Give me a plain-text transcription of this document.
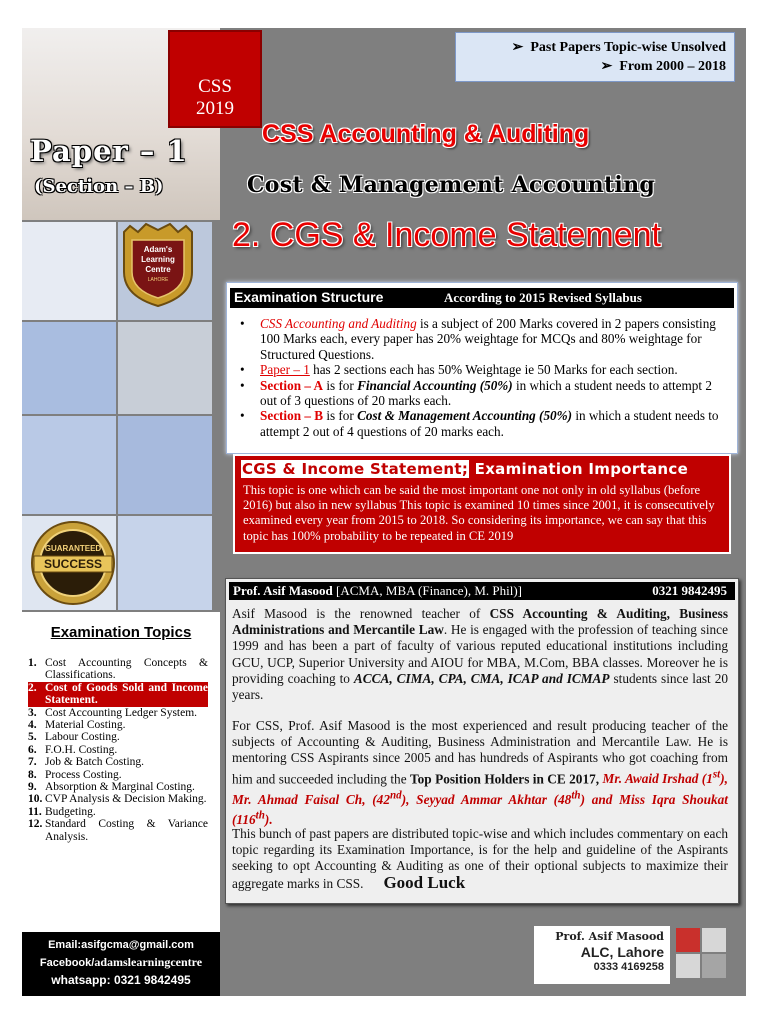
CSS
2019
Paper – 1
(Section – B)
Adam's
Learning
Centre
LAHORE
GUARANTEED
SUCCESS
➢  Past Papers Topic-wise Unsolved
➢  From 2000 – 2018
CSS Accounting & Auditing
Cost & Management Accounting
2. CGS & Income Statement
Examination Structure	According to 2015 Revised Syllabus
• CSS Accounting and Auditing is a subject of 200 Marks covered in 2 papers consisting 100 Marks each, every paper has 20% weightage for MCQs and 80% weightage for Structured Questions.
• Paper – 1 has 2 sections each has 50% Weightage ie 50 Marks for each section.
• Section – A is for Financial Accounting (50%) in which a student needs to attempt 2 out of 3 questions of 20 marks each.
• Section – B is for Cost & Management Accounting (50%) in which a student needs to attempt 2 out of 4 questions of 20 marks each.
CGS & Income Statement; Examination Importance
This topic is one which can be said the most important one not only in old syllabus (before 2016) but also in new syllabus This topic is examined 10 times since 2001, it is consecutively examined every year from 2015 to 2018. So considering its importance, we can say that this topic has 100% probability to be repeated in CE 2019
Prof. Asif Masood [ACMA, MBA (Finance), M. Phil)]	0321 9842495
Asif Masood is the renowned teacher of CSS Accounting & Auditing, Business Administrations and Mercantile Law. He is engaged with the profession of teaching since 1999 and has been a part of faculty of various reputed educational institutions including GCU, UCP, Superior University and AIOU for MBA, M.Com, BBA classes. Moreover he is providing coaching to ACCA, CIMA, CPA, CMA, ICAP and ICMAP students since last 20 years.
For CSS, Prof. Asif Masood is the most experienced and result producing teacher of the subjects of Accounting & Auditing, Business Administration and Mercantile Law. He is mentoring CSS Aspirants since 2005 and has hundreds of Aspirants who got coaching from him and succeeded including the Top Position Holders in CE 2017, Mr. Awaid Irshad (1st), Mr. Ahmad Faisal Ch, (42nd), Seyyad Ammar Akhtar (48th) and Miss Iqra Shoukat (116th).
This bunch of past papers are distributed topic-wise and which includes commentary on each topic regarding its Examination Importance, is for the help and guideline of the Aspirants seeking to opt Accounting & Auditing as one of their optional subjects to maximize their aggregate marks in CSS. Good Luck
Prof. Asif Masood
ALC, Lahore
0333 4169258
Examination Topics
1. Cost Accounting Concepts & Classifications.
2. Cost of Goods Sold and Income Statement.
3. Cost Accounting Ledger System.
4. Material Costing.
5. Labour Costing.
6. F.O.H. Costing.
7. Job & Batch Costing.
8. Process Costing.
9. Absorption & Marginal Costing.
10. CVP Analysis & Decision Making.
11. Budgeting.
12. Standard Costing & Variance Analysis.
Email:asifgcma@gmail.com
Facebook/adamslearningcentre
whatsapp: 0321 9842495
